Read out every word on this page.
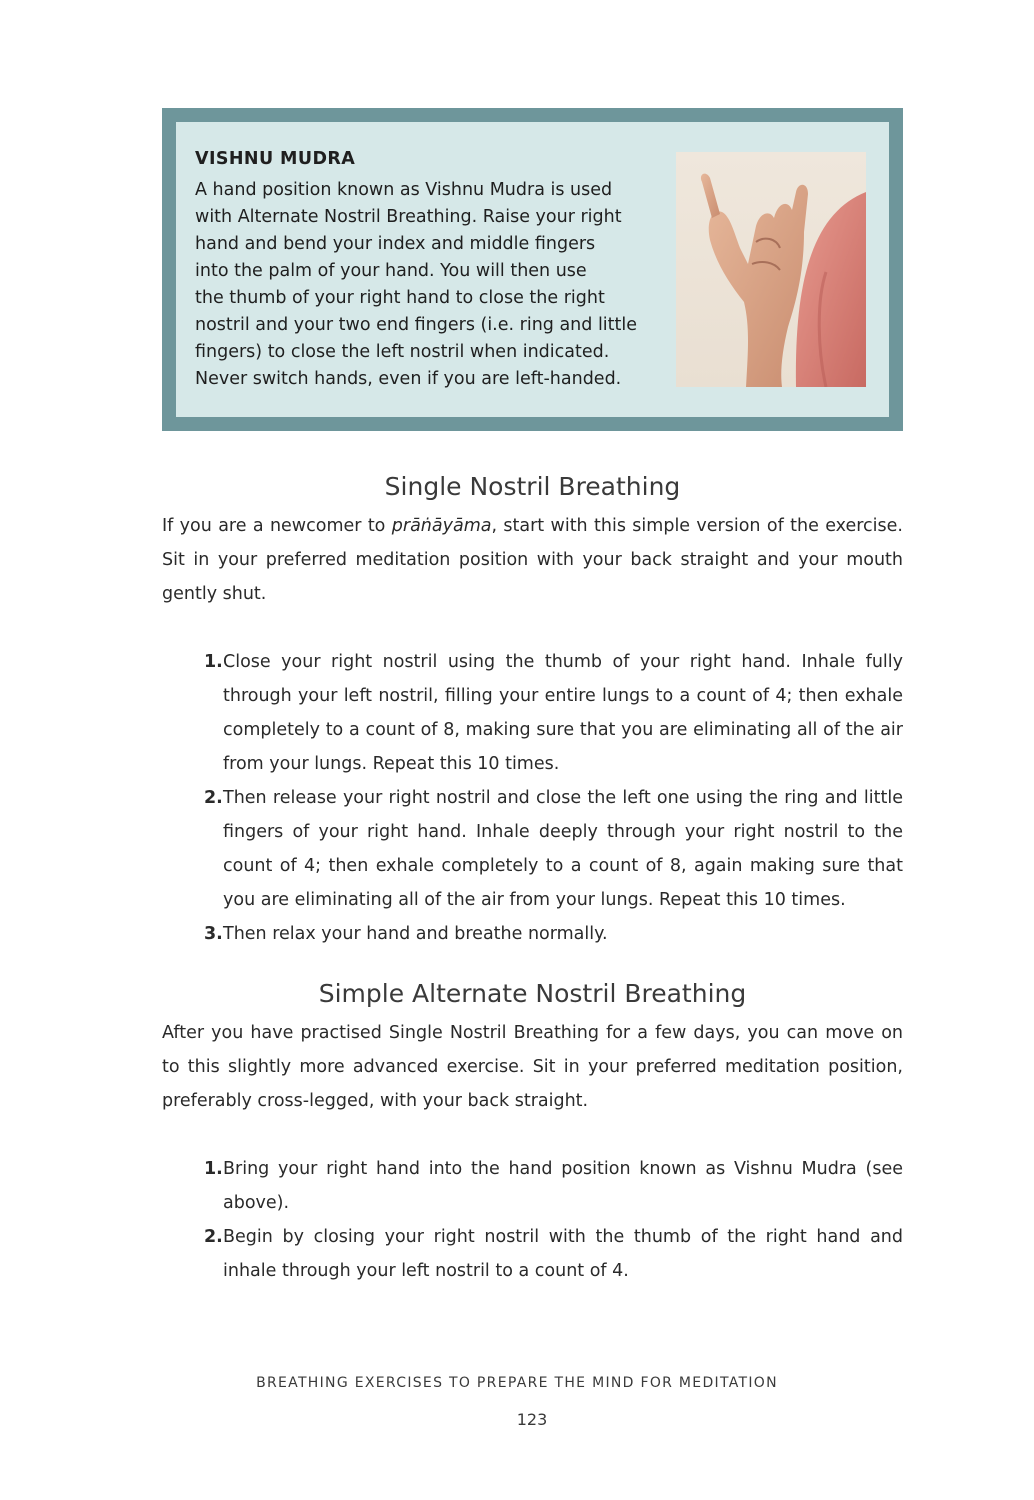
VISHNU MUDRA
A hand position known as Vishnu Mudra is used
with Alternate Nostril Breathing. Raise your right
hand and bend your index and middle fingers
into the palm of your hand. You will then use
the thumb of your right hand to close the right
nostril and your two end fingers (i.e. ring and little
fingers) to close the left nostril when indicated.
Never switch hands, even if you are left-handed.
Single Nostril Breathing

If you are a newcomer to prāṅāyāma, start with this simple version of the exercise. Sit in your preferred meditation position with your back straight and your mouth gently shut.

1. Close your right nostril using the thumb of your right hand. Inhale fully through your left nostril, filling your entire lungs to a count of 4; then exhale completely to a count of 8, making sure that you are eliminating all of the air from your lungs. Repeat this 10 times.
2. Then release your right nostril and close the left one using the ring and little fingers of your right hand. Inhale deeply through your right nostril to the count of 4; then exhale completely to a count of 8, again making sure that you are eliminating all of the air from your lungs. Repeat this 10 times.
3. Then relax your hand and breathe normally.
Simple Alternate Nostril Breathing

After you have practised Single Nostril Breathing for a few days, you can move on to this slightly more advanced exercise. Sit in your preferred meditation position, preferably cross-legged, with your back straight.

1. Bring your right hand into the hand position known as Vishnu Mudra (see above).
2. Begin by closing your right nostril with the thumb of the right hand and inhale through your left nostril to a count of 4.
BREATHING EXERCISES TO PREPARE THE MIND FOR MEDITATION
123
